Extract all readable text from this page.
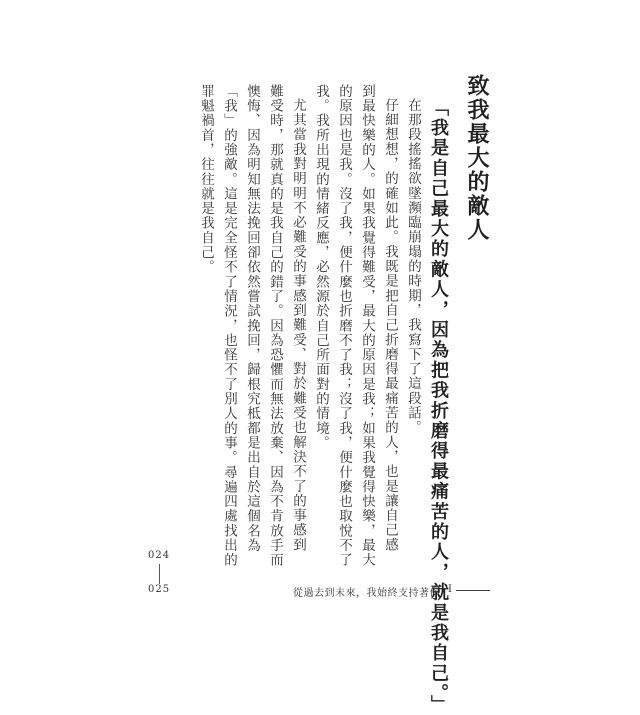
致我最大的敵人
「我是自己最大的敵人，因為把我折磨得最痛苦的人，就是我自己。」
在那段搖搖欲墜瀕臨崩塌的時期，我寫下了這段話。
仔細想想，的確如此。我既是把自己折磨得最痛苦的人，也是讓自己感
到最快樂的人。如果我覺得難受，最大的原因是我；如果我覺得快樂，最大
的原因也是我。沒了我，便什麼也折磨不了我；沒了我，便什麼也取悅不了
我。我所出現的情緒反應，必然源於自己所面對的情境。
尤其當我對明明不必難受的事感到難受、對於難受也解決不了的事感到
難受時，那就真的是我自己的錯了。因為恐懼而無法放棄、因為不肯放手而
懊悔、因為明知無法挽回卻依然嘗試挽回，歸根究柢都是出自於這個名為
「我」的強敵。這是完全怪不了情況，也怪不了別人的事。尋遍四處找出的
罪魁禍首，往往就是我自己。
024
025	從過去到未來，我始終支持著你 I
